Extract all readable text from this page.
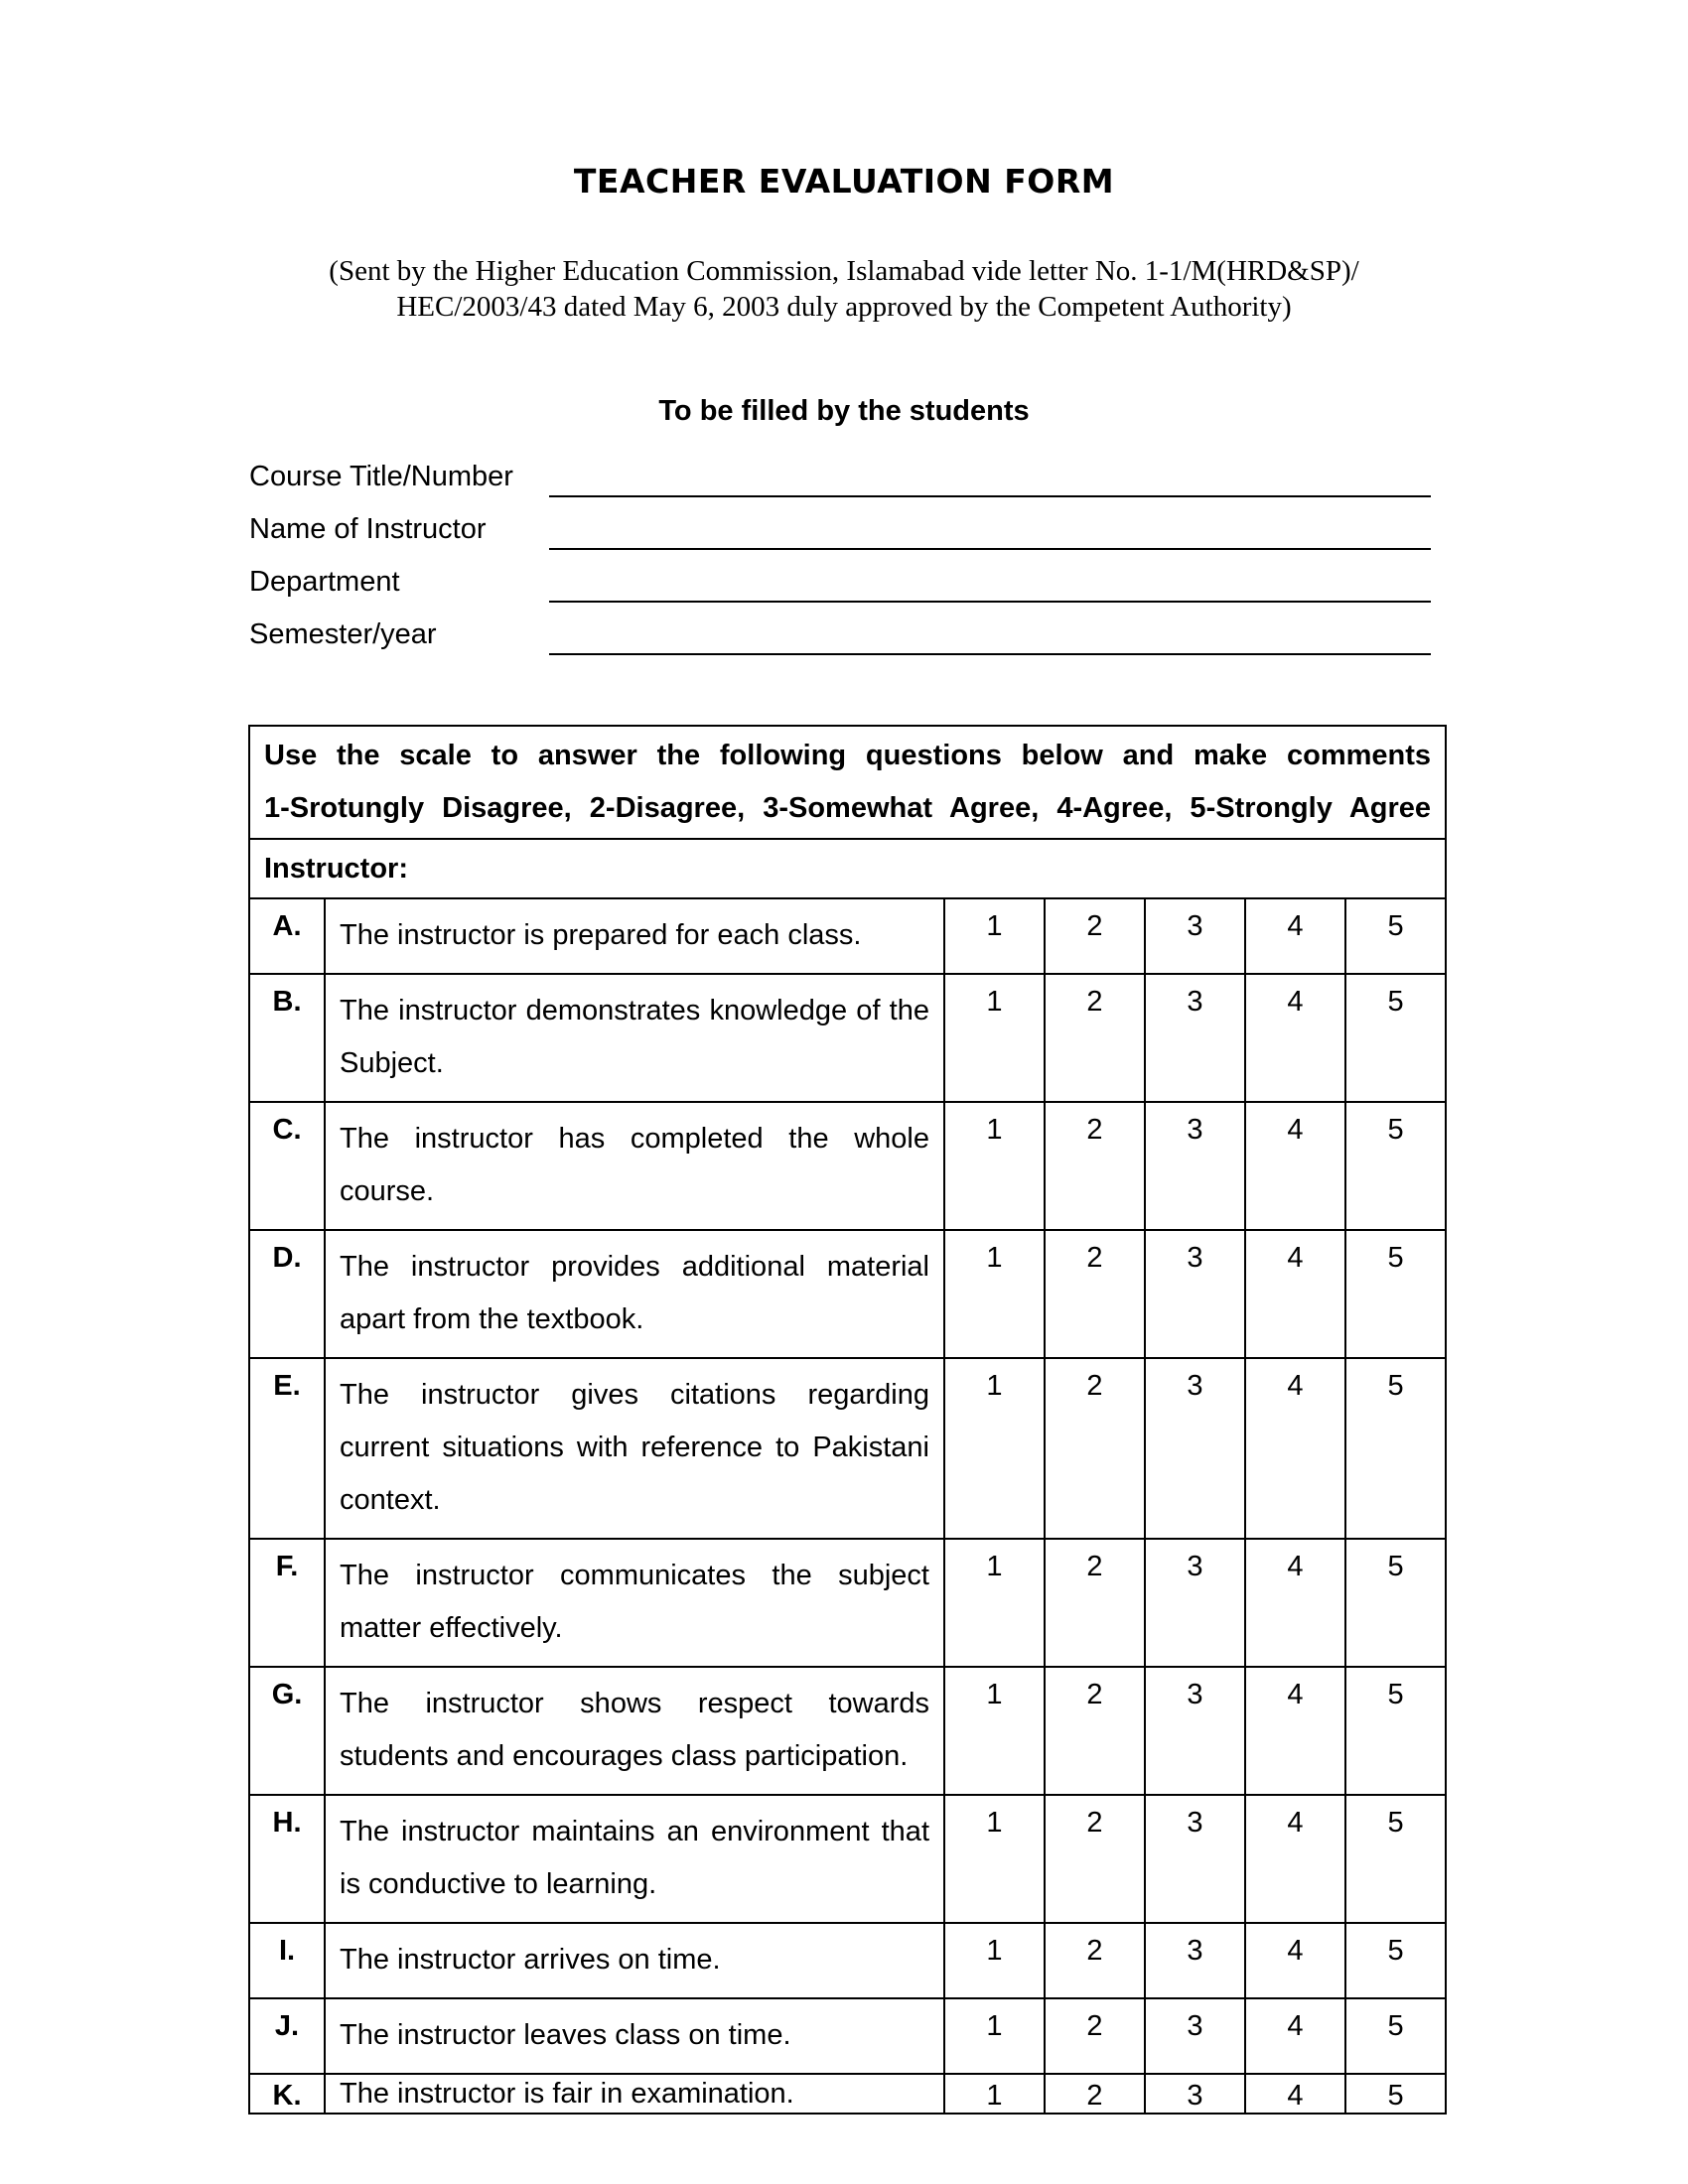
TEACHER EVALUATION FORM
(Sent by the Higher Education Commission, Islamabad vide letter No. 1-1/M(HRD&SP)/
HEC/2003/43 dated May 6, 2003 duly approved by the Competent Authority)
To be filled by the students
Course Title/Number
Name of Instructor
Department
Semester/year
Use the scale to answer the following questions below and make comments
1-Srotungly Disagree, 2-Disagree, 3-Somewhat Agree, 4-Agree, 5-Strongly Agree						

Instructor:						
A.	The instructor is prepared for each class.	1	2	3	4	5
B.	The instructor demonstrates knowledge of the Subject.	1	2	3	4	5
C.	The instructor has completed the whole course.	1	2	3	4	5
D.	The instructor provides additional material apart from the textbook.	1	2	3	4	5
E.	The instructor gives citations regarding current situations with reference to Pakistani context.	1	2	3	4	5
F.	The instructor communicates the subject matter effectively.	1	2	3	4	5
G.	The instructor shows respect towards students and encourages class participation.	1	2	3	4	5
H.	The instructor maintains an environment that is conductive to learning.	1	2	3	4	5
I.	The instructor arrives on time.	1	2	3	4	5
J.	The instructor leaves class on time.	1	2	3	4	5
K.	The instructor is fair in examination.	1	2	3	4	5
